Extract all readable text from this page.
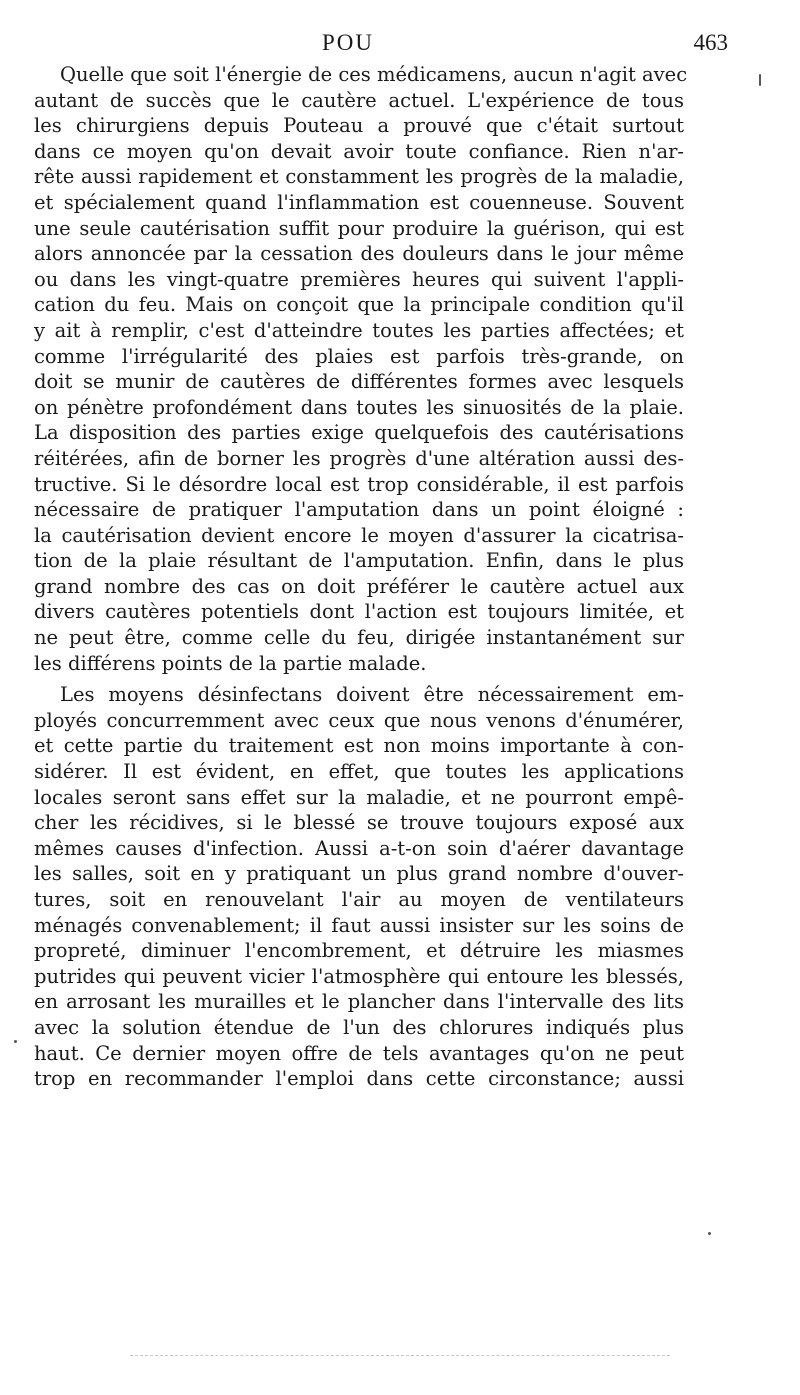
POU	463
Quelle que soit l'énergie de ces médicamens, aucun n'agit avec
autant de succès que le cautère actuel. L'expérience de tous
les chirurgiens depuis Pouteau a prouvé que c'était surtout
dans ce moyen qu'on devait avoir toute confiance. Rien n'ar-
rête aussi rapidement et constamment les progrès de la maladie,
et spécialement quand l'inflammation est couenneuse. Souvent
une seule cautérisation suffit pour produire la guérison, qui est
alors annoncée par la cessation des douleurs dans le jour même
ou dans les vingt-quatre premières heures qui suivent l'appli-
cation du feu. Mais on conçoit que la principale condition qu'il
y ait à remplir, c'est d'atteindre toutes les parties affectées; et
comme l'irrégularité des plaies est parfois très-grande, on
doit se munir de cautères de différentes formes avec lesquels
on pénètre profondément dans toutes les sinuosités de la plaie.
La disposition des parties exige quelquefois des cautérisations
réitérées, afin de borner les progrès d'une altération aussi des-
tructive. Si le désordre local est trop considérable, il est parfois
nécessaire de pratiquer l'amputation dans un point éloigné :
la cautérisation devient encore le moyen d'assurer la cicatrisa-
tion de la plaie résultant de l'amputation. Enfin, dans le plus
grand nombre des cas on doit préférer le cautère actuel aux
divers cautères potentiels dont l'action est toujours limitée, et
ne peut être, comme celle du feu, dirigée instantanément sur
les différens points de la partie malade.
Les moyens désinfectans doivent être nécessairement em-
ployés concurremment avec ceux que nous venons d'énumérer,
et cette partie du traitement est non moins importante à con-
sidérer. Il est évident, en effet, que toutes les applications
locales seront sans effet sur la maladie, et ne pourront empê-
cher les récidives, si le blessé se trouve toujours exposé aux
mêmes causes d'infection. Aussi a-t-on soin d'aérer davantage
les salles, soit en y pratiquant un plus grand nombre d'ouver-
tures, soit en renouvelant l'air au moyen de ventilateurs
ménagés convenablement; il faut aussi insister sur les soins de
propreté, diminuer l'encombrement, et détruire les miasmes
putrides qui peuvent vicier l'atmosphère qui entoure les blessés,
en arrosant les murailles et le plancher dans l'intervalle des lits
avec la solution étendue de l'un des chlorures indiqués plus
haut. Ce dernier moyen offre de tels avantages qu'on ne peut
trop en recommander l'emploi dans cette circonstance; aussi
